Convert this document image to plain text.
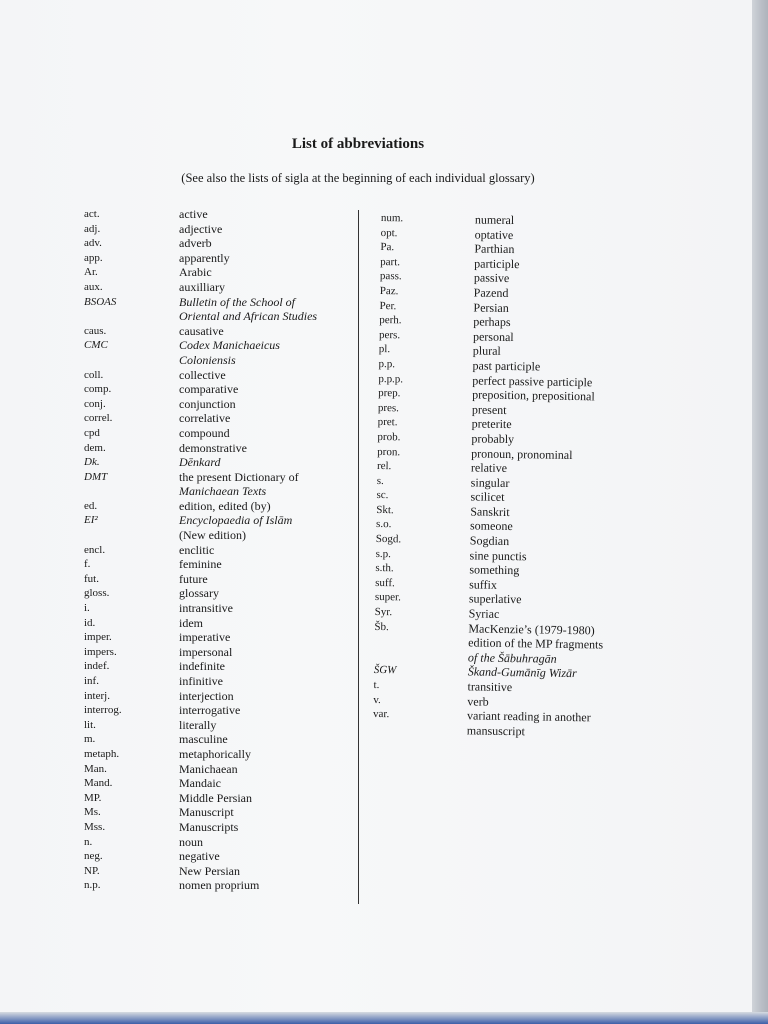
List of abbreviations
(See also the lists of sigla at the beginning of each individual glossary)
act.	active
adj.	adjective
adv.	adverb
app.	apparently
Ar.	Arabic
aux.	auxilliary
BSOAS	Bulletin of the School of
Oriental and African Studies
caus.	causative
CMC	Codex Manichaeicus
Coloniensis
coll.	collective
comp.	comparative
conj.	conjunction
correl.	correlative
cpd	compound
dem.	demonstrative
Dk.	Dēnkard
DMT	the present Dictionary of
Manichaean Texts
ed.	edition, edited (by)
EI²	Encyclopaedia of Islām
(New edition)
encl.	enclitic
f.	feminine
fut.	future
gloss.	glossary
i.	intransitive
id.	idem
imper.	imperative
impers.	impersonal
indef.	indefinite
inf.	infinitive
interj.	interjection
interrog.	interrogative
lit.	literally
m.	masculine
metaph.	metaphorically
Man.	Manichaean
Mand.	Mandaic
MP.	Middle Persian
Ms.	Manuscript
Mss.	Manuscripts
n.	noun
neg.	negative
NP.	New Persian
n.p.	nomen proprium
num.	numeral
opt.	optative
Pa.	Parthian
part.	participle
pass.	passive
Paz.	Pazend
Per.	Persian
perh.	perhaps
pers.	personal
pl.	plural
p.p.	past participle
p.p.p.	perfect passive participle
prep.	preposition, prepositional
pres.	present
pret.	preterite
prob.	probably
pron.	pronoun, pronominal
rel.	relative
s.	singular
sc.	scilicet
Skt.	Sanskrit
s.o.	someone
Sogd.	Sogdian
s.p.	sine punctis
s.th.	something
suff.	suffix
super.	superlative
Syr.	Syriac
Šb.	MacKenzie’s (1979-1980)
edition of the MP fragments
of the Šābuhragān
ŠGW	Škand-Gumānīg Wizār
t.	transitive
v.	verb
var.	variant reading in another
mansuscript
